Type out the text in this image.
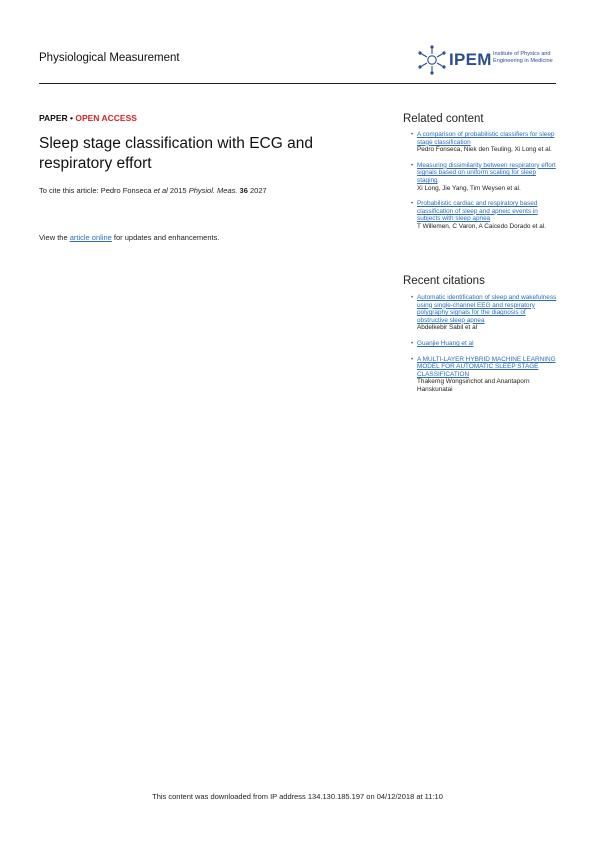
Physiological Measurement	IPEM Institute of Physics and Engineering in Medicine
PAPER • OPEN ACCESS
Sleep stage classification with ECG and respiratory effort
To cite this article: Pedro Fonseca et al 2015 Physiol. Meas. 36 2027
View the article online for updates and enhancements.
Related content
• A comparison of probabilistic classifiers for sleep stage classification
Pedro Fonseca, Niek den Teuling, Xi Long et al.
• Measuring dissimilarity between respiratory effort signals based on uniform scaling for sleep staging
Xi Long, Jie Yang, Tim Weysen et al.
• Probabilistic cardiac and respiratory based classification of sleep and apneic events in subjects with sleep apnea
T Willemen, C Varon, A Caicedo Dorado et al.
Recent citations
• Automatic identification of sleep and wakefulness using single-channel EEG and respiratory polygraphy signals for the diagnosis of obstructive sleep apnea
Abdelkebir Sabil et al
• Guanjie Huang et al
• A MULTI-LAYER HYBRID MACHINE LEARNING MODEL FOR AUTOMATIC SLEEP STAGE CLASSIFICATION
Thakerng Wongsirichot and Anantaporn Hanskunatai
This content was downloaded from IP address 134.130.185.197 on 04/12/2018 at 11:10
